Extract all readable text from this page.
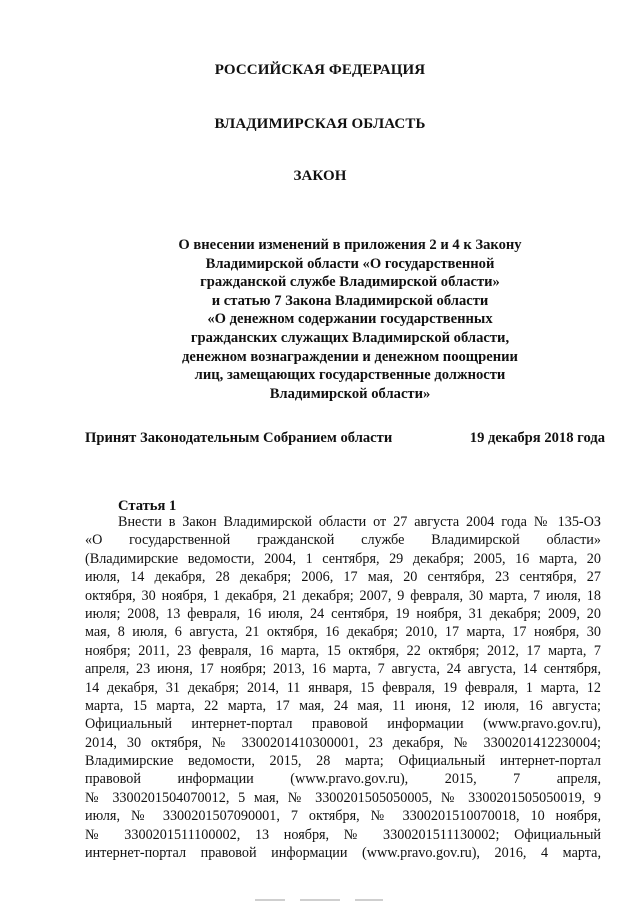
РОССИЙСКАЯ ФЕДЕРАЦИЯ
ВЛАДИМИРСКАЯ ОБЛАСТЬ
ЗАКОН
О внесении изменений в приложения 2 и 4 к Закону
Владимирской области «О государственной
гражданской службе Владимирской области»
и статью 7 Закона Владимирской области
«О денежном содержании государственных
гражданских служащих Владимирской области,
денежном вознаграждении и денежном поощрении
лиц, замещающих государственные должности
Владимирской области»
Принят Законодательным Собранием области	19 декабря 2018 года
Статья 1
Внести в Закон Владимирской области от 27 августа 2004 года № 135-ОЗ
«О государственной гражданской службе Владимирской области»
(Владимирские ведомости, 2004, 1 сентября, 29 декабря; 2005, 16 марта, 20
июля, 14 декабря, 28 декабря; 2006, 17 мая, 20 сентября, 23 сентября, 27
октября, 30 ноября, 1 декабря, 21 декабря; 2007, 9 февраля, 30 марта, 7 июля, 18
июля; 2008, 13 февраля, 16 июля, 24 сентября, 19 ноября, 31 декабря; 2009, 20
мая, 8 июля, 6 августа, 21 октября, 16 декабря; 2010, 17 марта, 17 ноября, 30
ноября; 2011, 23 февраля, 16 марта, 15 октября, 22 октября; 2012, 17 марта, 7
апреля, 23 июня, 17 ноября; 2013, 16 марта, 7 августа, 24 августа, 14 сентября,
14 декабря, 31 декабря; 2014, 11 января, 15 февраля, 19 февраля, 1 марта, 12
марта, 15 марта, 22 марта, 17 мая, 24 мая, 11 июня, 12 июля, 16 августа;
Официальный интернет-портал правовой информации (www.pravo.gov.ru),
2014, 30 октября, № 3300201410300001, 23 декабря, № 3300201412230004;
Владимирские ведомости, 2015, 28 марта; Официальный интернет-портал
правовой информации (www.pravo.gov.ru), 2015, 7 апреля,
№ 3300201504070012, 5 мая, № 3300201505050005, № 3300201505050019, 9
июля, № 3300201507090001, 7 октября, № 3300201510070018, 10 ноября,
№ 3300201511100002, 13 ноября, № 3300201511130002; Официальный
интернет-портал правовой информации (www.pravo.gov.ru), 2016, 4 марта,
